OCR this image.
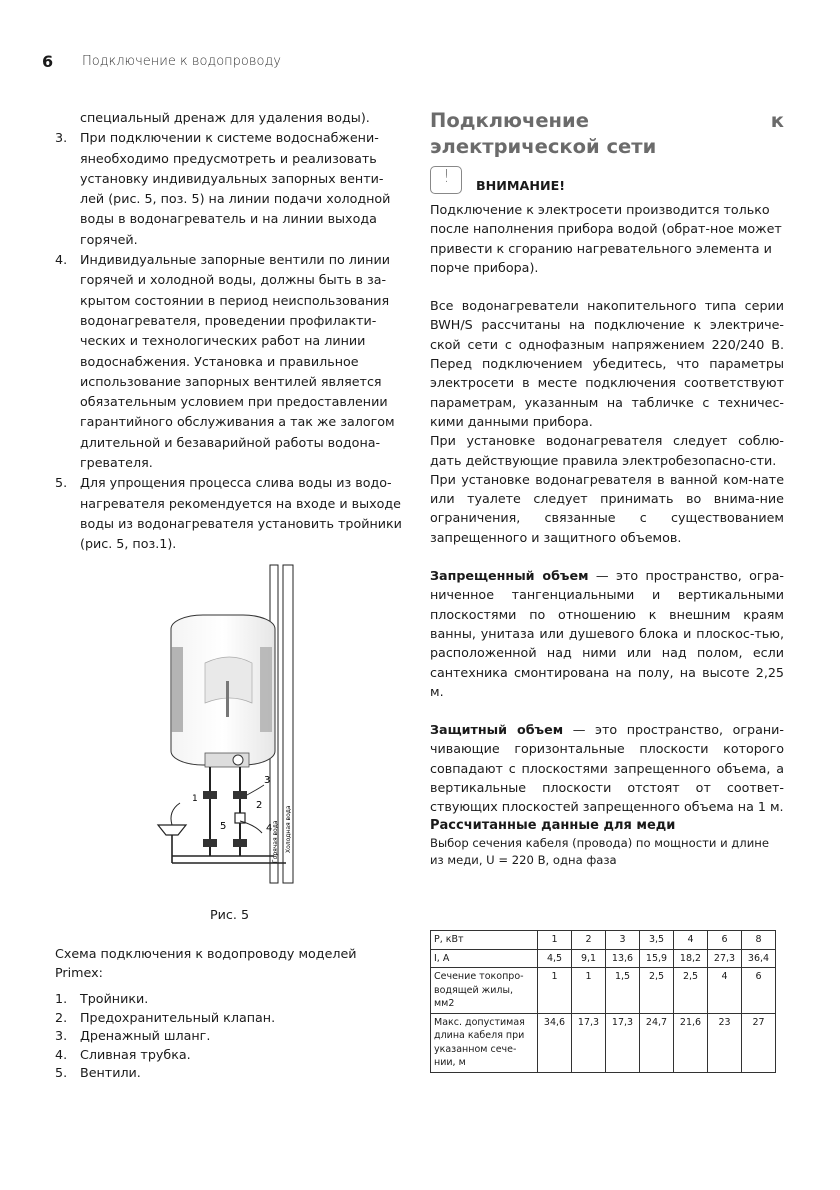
6 Подключение к водопроводу

специальный дренаж для удаления воды).

3. При подключении к системе водоснабжени-янеобходимо предусмотреть и реализовать установку индивидуальных запорных венти-лей (рис. 5, поз. 5) на линии подачи холодной воды в водонагреватель и на линии выхода горячей.

4. Индивидуальные запорные вентили по линии горячей и холодной воды, должны быть в за-крытом состоянии в период неиспользования водонагревателя, проведении профилакти-ческих и технологических работ на линии водоснабжения. Установка и правильное использование запорных вентилей является обязательным условием при предоставлении гарантийного обслуживания а так же залогом длительной и безаварийной работы водона-гревателя.

5. Для упрощения процесса слива воды из водо-нагревателя рекомендуется на входе и выходе воды из водонагревателя установить тройники (рис. 5, поз.1).

3
2
4
5
1
Горячая вода Холодная вода
Рис. 5
Схема подключения к водопроводу моделей Primex:
1. Тройники.
2. Предохранительный клапан.
3. Дренажный шланг.
4. Сливная трубка.
5. Вентили.

Подключение к электрической сети

!	ВНИМАНИЕ!

Подключение к электросети производится только после наполнения прибора водой (обрат-ное может привести к сгоранию нагревательного элемента и порче прибора).

Все водонагреватели накопительного типа серии BWH/S рассчитаны на подключение к электриче-ской сети с однофазным напряжением 220/240 В. Перед подключением убедитесь, что параметры электросети в месте подключения соответствуют параметрам, указанным на табличке с техничес-кими данными прибора.

При установке водонагревателя следует соблю-дать действующие правила электробезопасно-сти.

При установке водонагревателя в ванной ком-нате или туалете следует принимать во внима-ние ограничения, связанные с существованием запрещенного и защитного объемов.

Запрещенный объем — это пространство, огра-ниченное тангенциальными и вертикальными плоскостями по отношению к внешним краям ванны, унитаза или душевого блока и плоскос-тью, расположенной над ними или над полом, если сантехника смонтирована на полу, на высоте 2,25 м.

Защитный объем — это пространство, ограни-чивающие горизонтальные плоскости которого совпадают с плоскостями запрещенного объема, а вертикальные плоскости отстоят от соответ-ствующих плоскостей запрещенного объема на 1 м.

Рассчитанные данные для меди

Выбор сечения кабеля (провода) по мощности и длине из меди, U = 220 В, одна фаза

Р, кВт	1	2	3	3,5	4	6	8
I, А	4,5	9,1	13,6	15,9	18,2	27,3	36,4
Сечение токопро-водящей жилы, мм2	1	1	1,5	2,5	2,5	4	6
Макс. допустимая длина кабеля при указанном сече-нии, м	34,6	17,3	17,3	24,7	21,6	23	27
